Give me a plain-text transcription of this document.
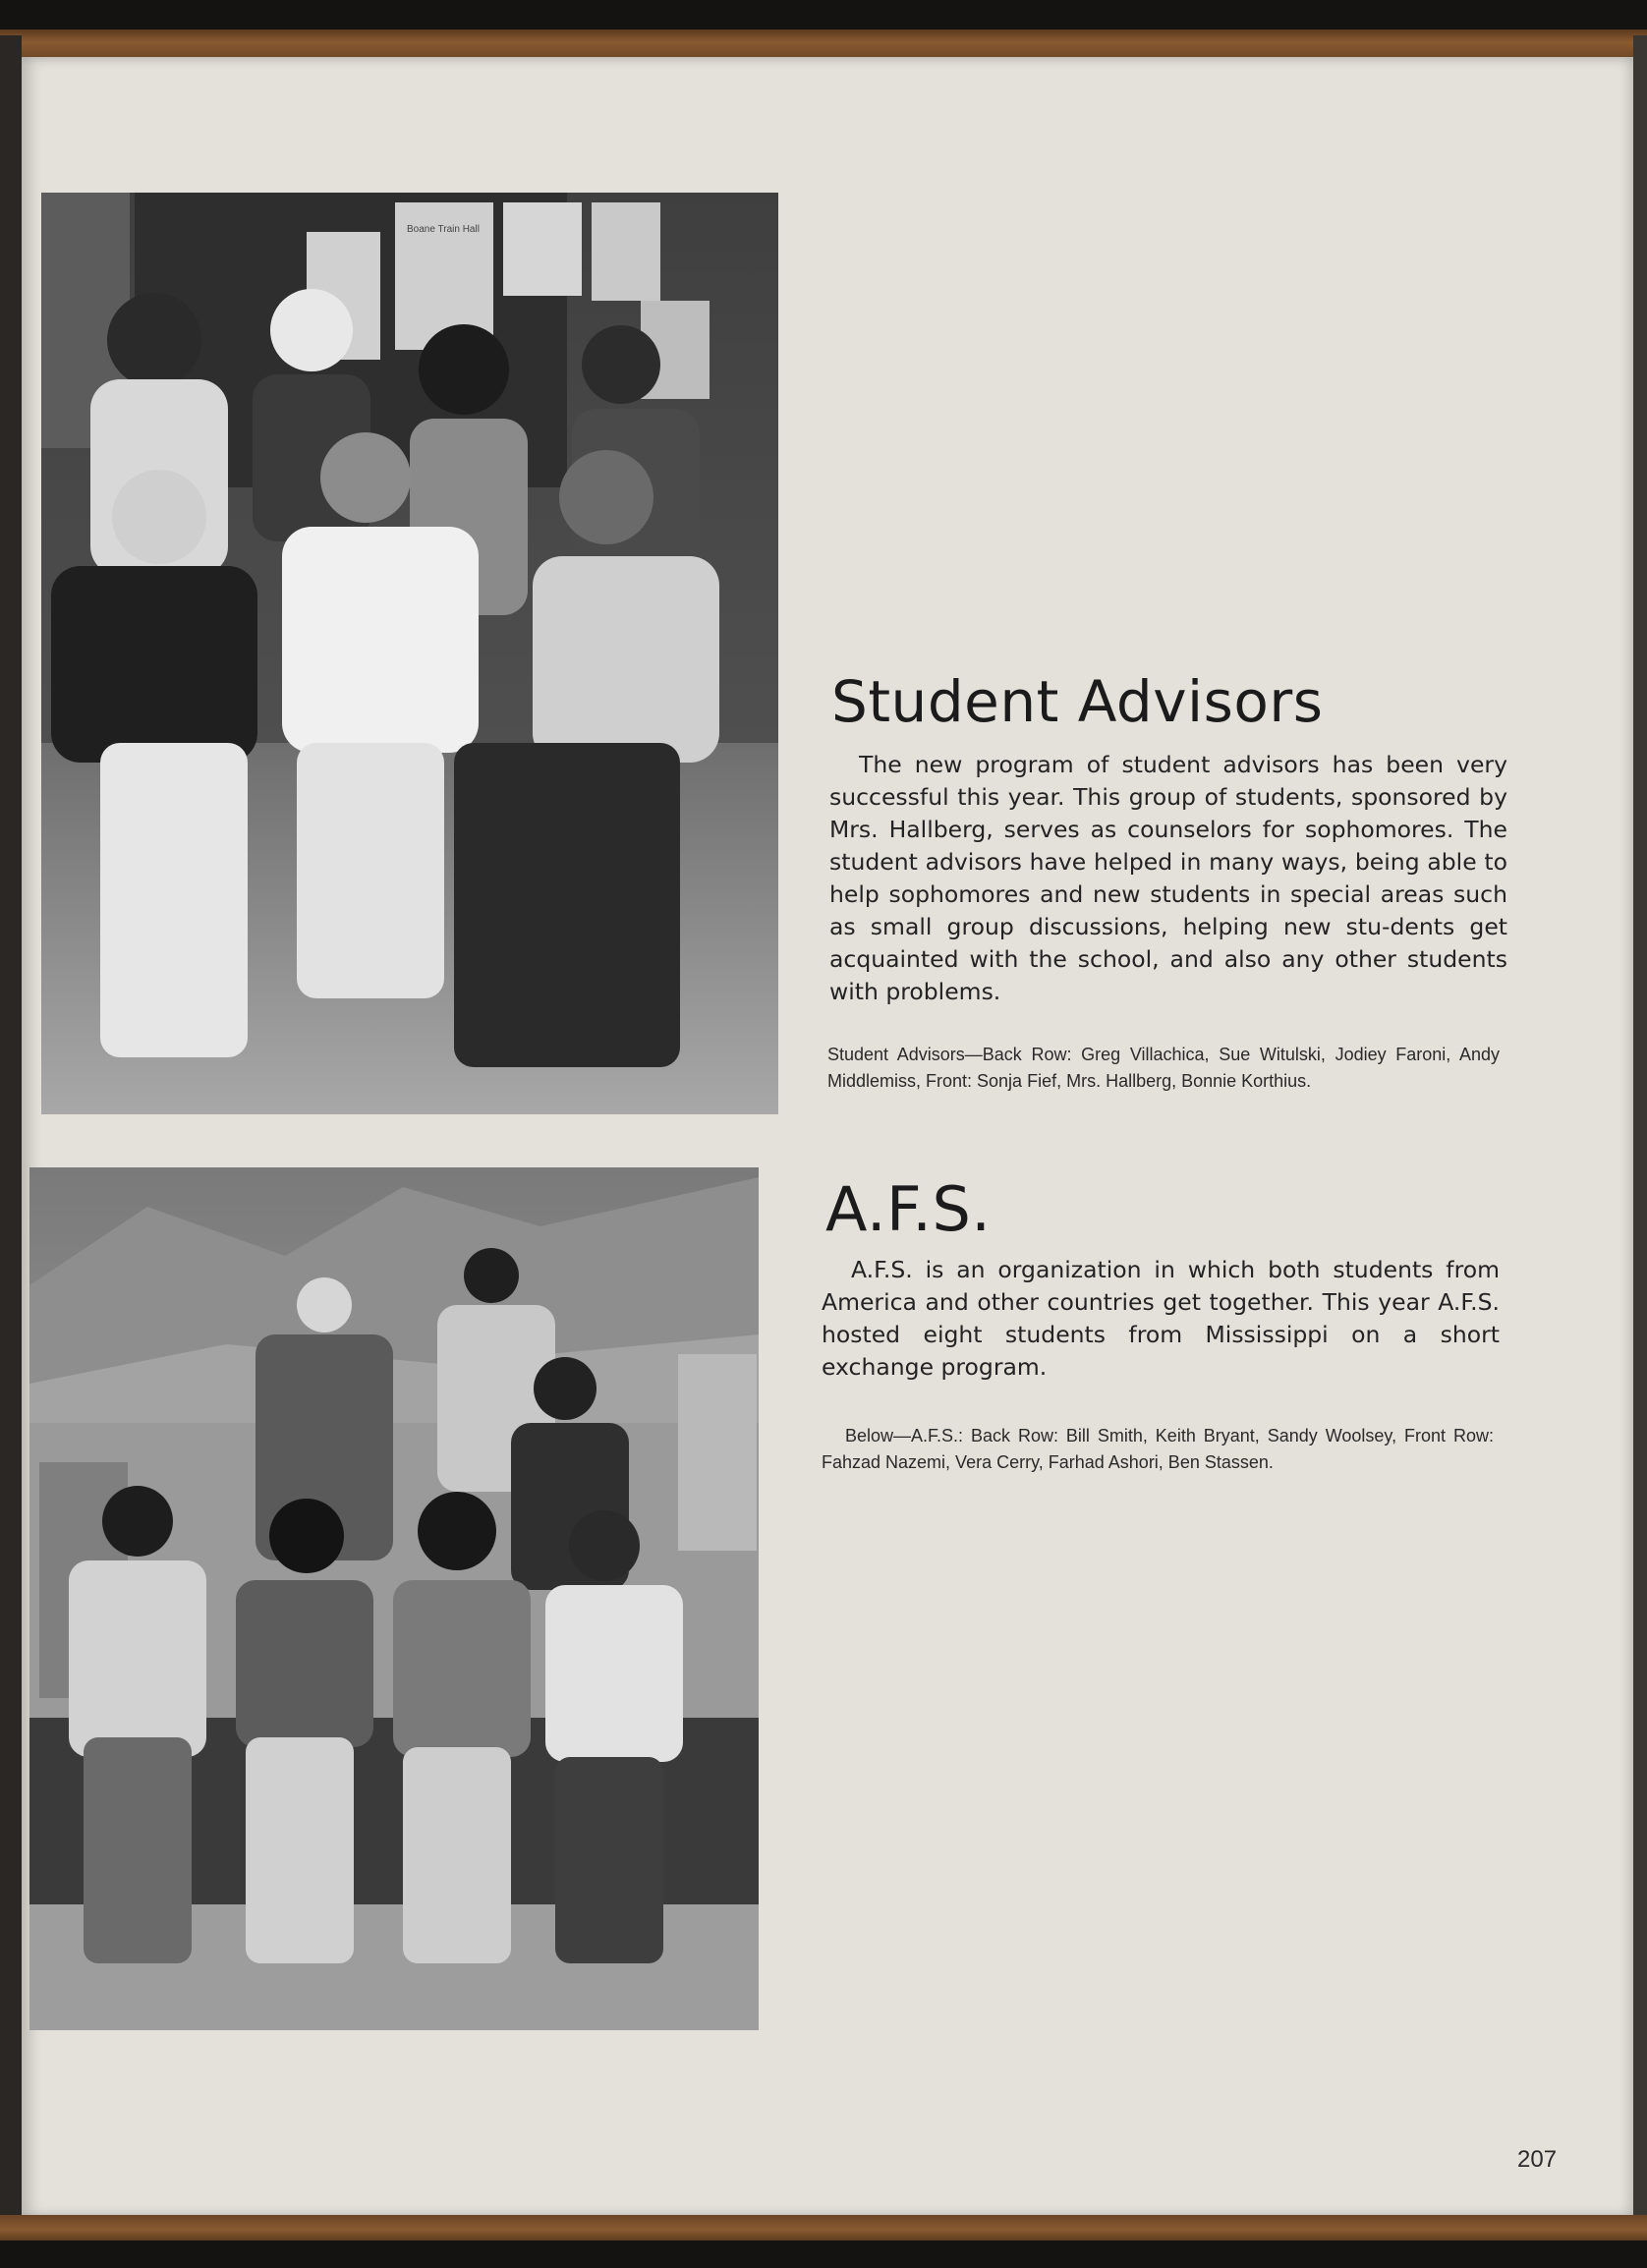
Boane Train Hall
Student Advisors

The new program of student advisors has been very successful this year. This group of students, sponsored by Mrs. Hallberg, serves as counselors for sophomores. The student advisors have helped in many ways, being able to help sophomores and new students in special areas such as small group discussions, helping new stu-dents get acquainted with the school, and also any other students with problems.

Student Advisors—Back Row: Greg Villachica, Sue Witulski, Jodiey Faroni, Andy Middlemiss, Front: Sonja Fief, Mrs. Hallberg, Bonnie Korthius.

A.F.S.

A.F.S. is an organization in which both students from America and other countries get together. This year A.F.S. hosted eight students from Mississippi on a short exchange program.

Below—A.F.S.: Back Row: Bill Smith, Keith Bryant, Sandy Woolsey, Front Row: Fahzad Nazemi, Vera Cerry, Farhad Ashori, Ben Stassen.

207
